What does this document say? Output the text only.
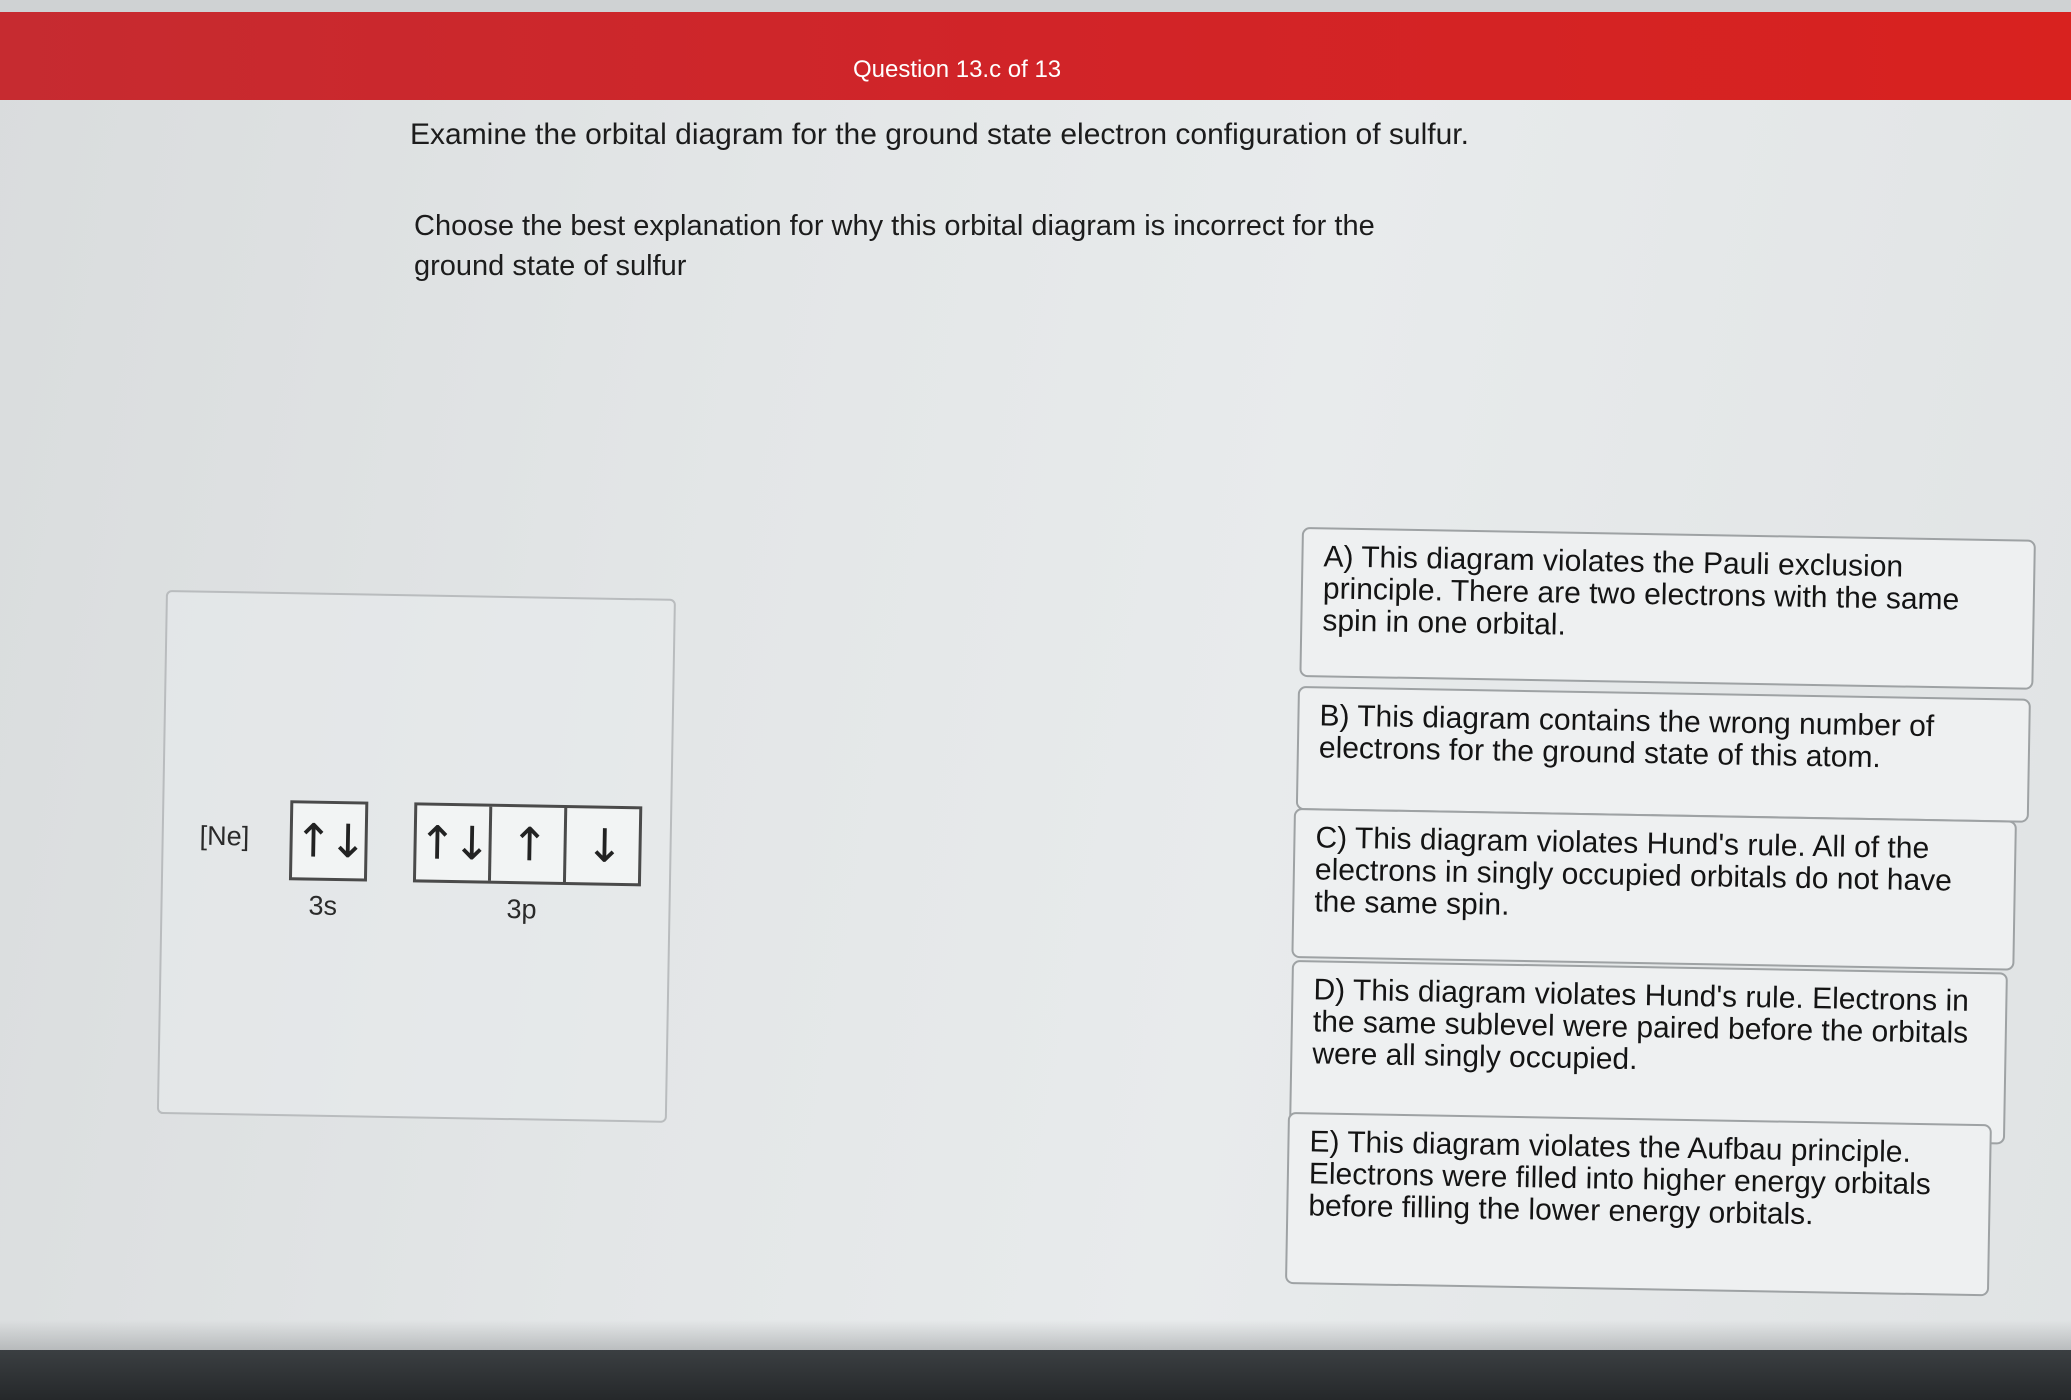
Question 13.c of 13
Examine the orbital diagram for the ground state electron configuration of sulfur.
Choose the best explanation for why this orbital diagram is incorrect for the ground state of sulfur
[Ne] ↑↓
3s
↑↓ ↑ ↓
3p
A) This diagram violates the Pauli exclusion principle. There are two electrons with the same spin in one orbital.
B) This diagram contains the wrong number of electrons for the ground state of this atom.
C) This diagram violates Hund's rule. All of the electrons in singly occupied orbitals do not have the same spin.
D) This diagram violates Hund's rule. Electrons in the same sublevel were paired before the orbitals were all singly occupied.
E) This diagram violates the Aufbau principle. Electrons were filled into higher energy orbitals before filling the lower energy orbitals.
